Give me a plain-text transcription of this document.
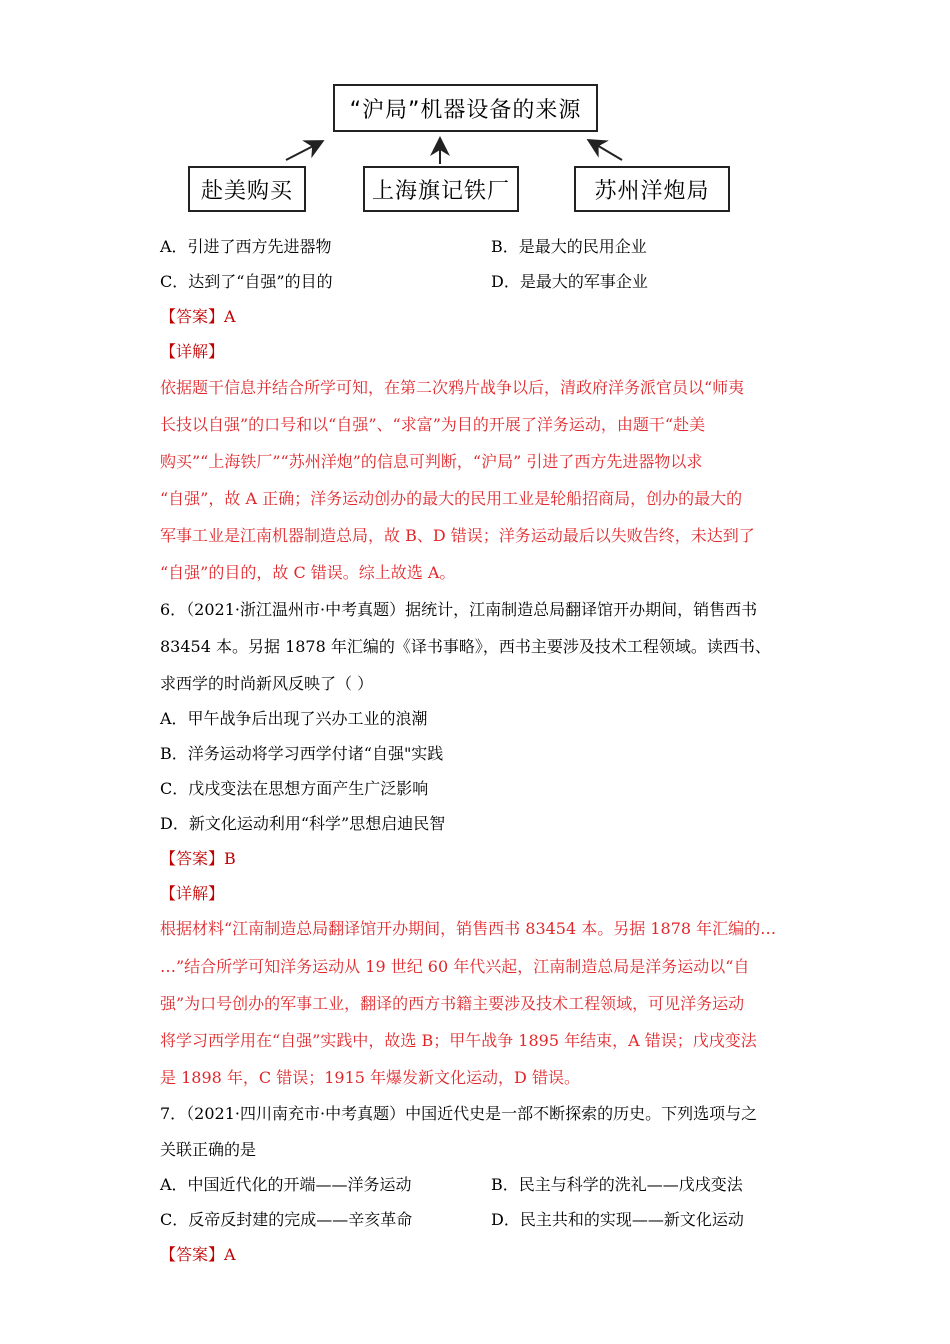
“沪局”机器设备的来源
赴美购买	上海旗记铁厂	苏州洋炮局
A．引进了西方先进器物	B．是最大的民用企业
C．达到了“自强”的目的	D．是最大的军事企业
【答案】A
【详解】
依据题干信息并结合所学可知，在第二次鸦片战争以后，清政府洋务派官员以“师夷
长技以自强”的口号和以“自强”、“求富”为目的开展了洋务运动，由题干“赴美
购买”“上海铁厂”“苏州洋炮”的信息可判断，“沪局” 引进了西方先进器物以求
“自强”，故 A 正确；洋务运动创办的最大的民用工业是轮船招商局，创办的最大的
军事工业是江南机器制造总局，故 B、D 错误；洋务运动最后以失败告终，未达到了
“自强”的目的，故 C 错误。综上故选 A。
6．（2021·浙江温州市·中考真题）据统计，江南制造总局翻译馆开办期间，销售西书
83454 本。另据 1878 年汇编的《译书事略》，西书主要涉及技术工程领域。读西书、
求西学的时尚新风反映了（ ）
A．甲午战争后出现了兴办工业的浪潮
B．洋务运动将学习西学付诸“自强"实践
C．戊戌变法在思想方面产生广泛影响
D．新文化运动利用“科学”思想启迪民智
【答案】B
【详解】
根据材料“江南制造总局翻译馆开办期间，销售西书 83454 本。另据 1878 年汇编的…
…”结合所学可知洋务运动从 19 世纪 60 年代兴起，江南制造总局是洋务运动以“自
强”为口号创办的军事工业，翻译的西方书籍主要涉及技术工程领域，可见洋务运动
将学习西学用在“自强”实践中，故选 B；甲午战争 1895 年结束，A 错误；戊戌变法
是 1898 年，C 错误；1915 年爆发新文化运动，D 错误。
7．（2021·四川南充市·中考真题）中国近代史是一部不断探索的历史。下列选项与之
关联正确的是
A．中国近代化的开端——洋务运动	B．民主与科学的洗礼——戊戌变法
C．反帝反封建的完成——辛亥革命	D．民主共和的实现——新文化运动
【答案】A
